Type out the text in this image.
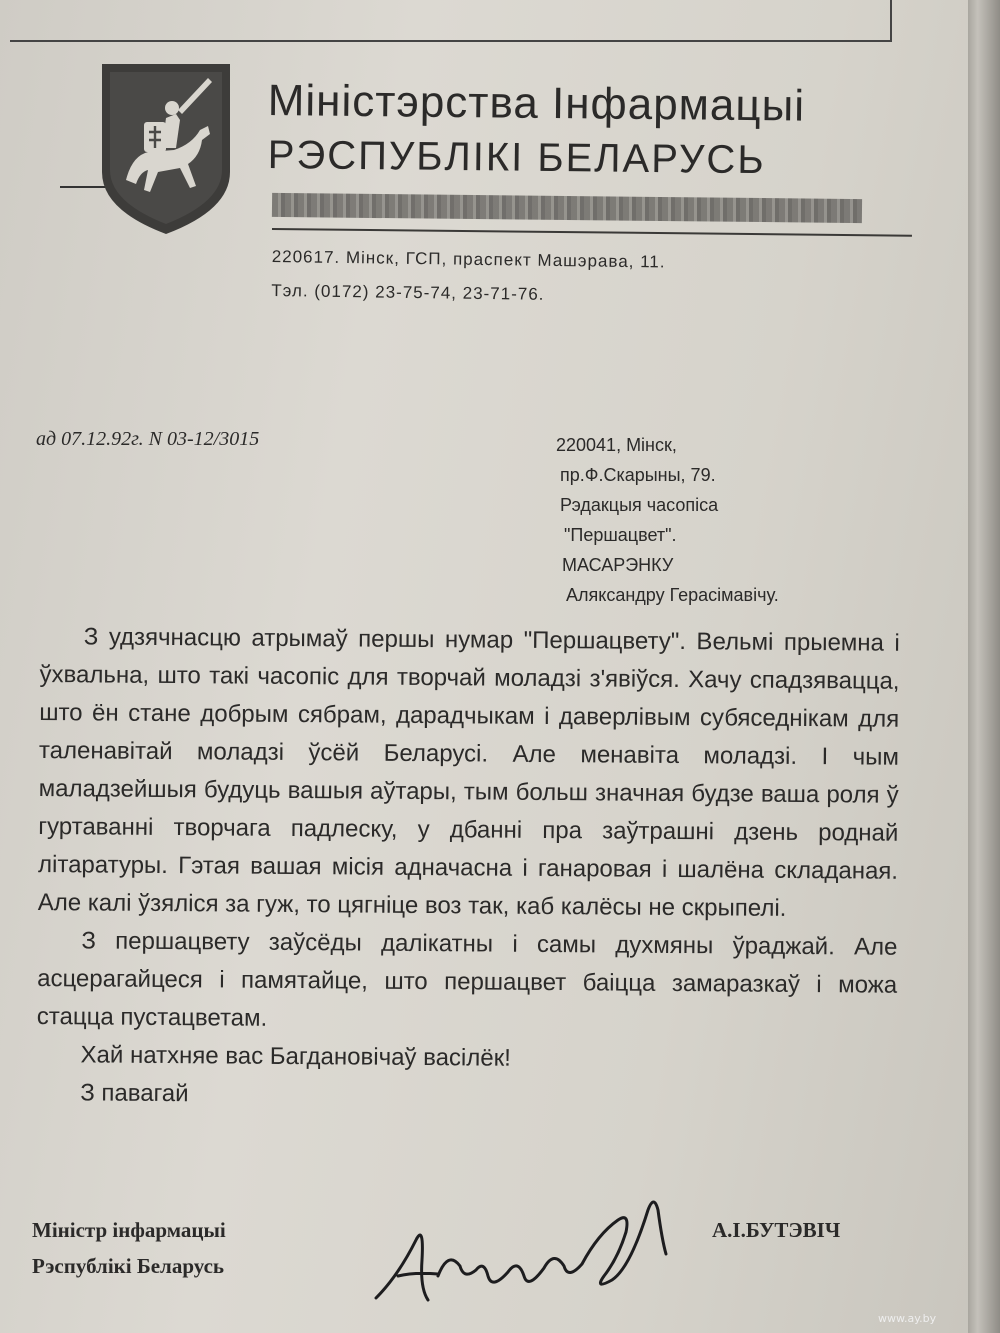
Міністэрства Інфармацыі
РЭСПУБЛІКІ БЕЛАРУСЬ
220617. Мінск, ГСП, праспект Машэрава, 11.
Тэл. (0172) 23-75-74, 23-71-76.
ад 07.12.92г. N 03-12/3015	220041, Мінск,
пр.Ф.Скарыны, 79.
Рэдакцыя часопіса
"Першацвет".
МАСАРЭНКУ
Аляксандру Герасімавічу.

З удзячнасцю атрымаў першы нумар "Першацвету". Вельмі прыемна і ўхвальна, што такі часопіс для творчай моладзі з'явіўся. Хачу спадзявацца, што ён стане добрым сябрам, дарадчыкам і даверлівым субяседнікам для таленавітай моладзі ўсёй Беларусі. Але менавіта моладзі. І чым маладзейшыя будуць вашыя аўтары, тым больш значная будзе ваша роля ў гуртаванні творчага падлеску, у дбанні пра заўтрашні дзень роднай літаратуры. Гэтая вашая місія адначасна і ганаровая і шалёна складаная. Але калі ўзяліся за гуж, то цягніце воз так, каб калёсы не скрыпелі.

З першацвету заўсёды далікатны і самы духмяны ўраджай. Але асцерагайцеся і памятайце, што першацвет баіцца замаразкаў і можа стацца пустацветам.

Хай натхняе вас Багдановічаў васілёк!

З павагай

Міністр інфармацыі
Рэспублікі Беларусь
А.І.БУТЭВІЧ
www.ay.by
